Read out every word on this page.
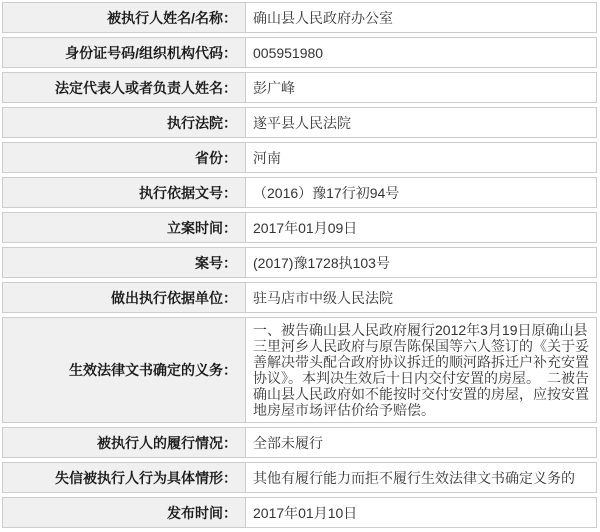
被执行人姓名/名称：	确山县人民政府办公室
身份证号码/组织机构代码：	005951980
法定代表人或者负责人姓名：	彭广峰
执行法院：	遂平县人民法院
省份：	河南
执行依据文号：	（2016）豫17行初94号
立案时间：	2017年01月09日
案号：	(2017)豫1728执103号
做出执行依据单位：	驻马店市中级人民法院
生效法律文书确定的义务：
一、被告确山县人民政府履行2012年3月19日原确山县三里河乡人民政府与原告陈保国等六人签订的《关于妥善解决带头配合政府协议拆迁的顺河路拆迁户补充安置协议》。本判决生效后十日内交付安置的房屋。　二被告确山县人民政府如不能按时交付安置的房屋，应按安置地房屋市场评估价给予赔偿。
被执行人的履行情况：	全部未履行
失信被执行人行为具体情形：	其他有履行能力而拒不履行生效法律文书确定义务的
发布时间：	2017年01月10日
